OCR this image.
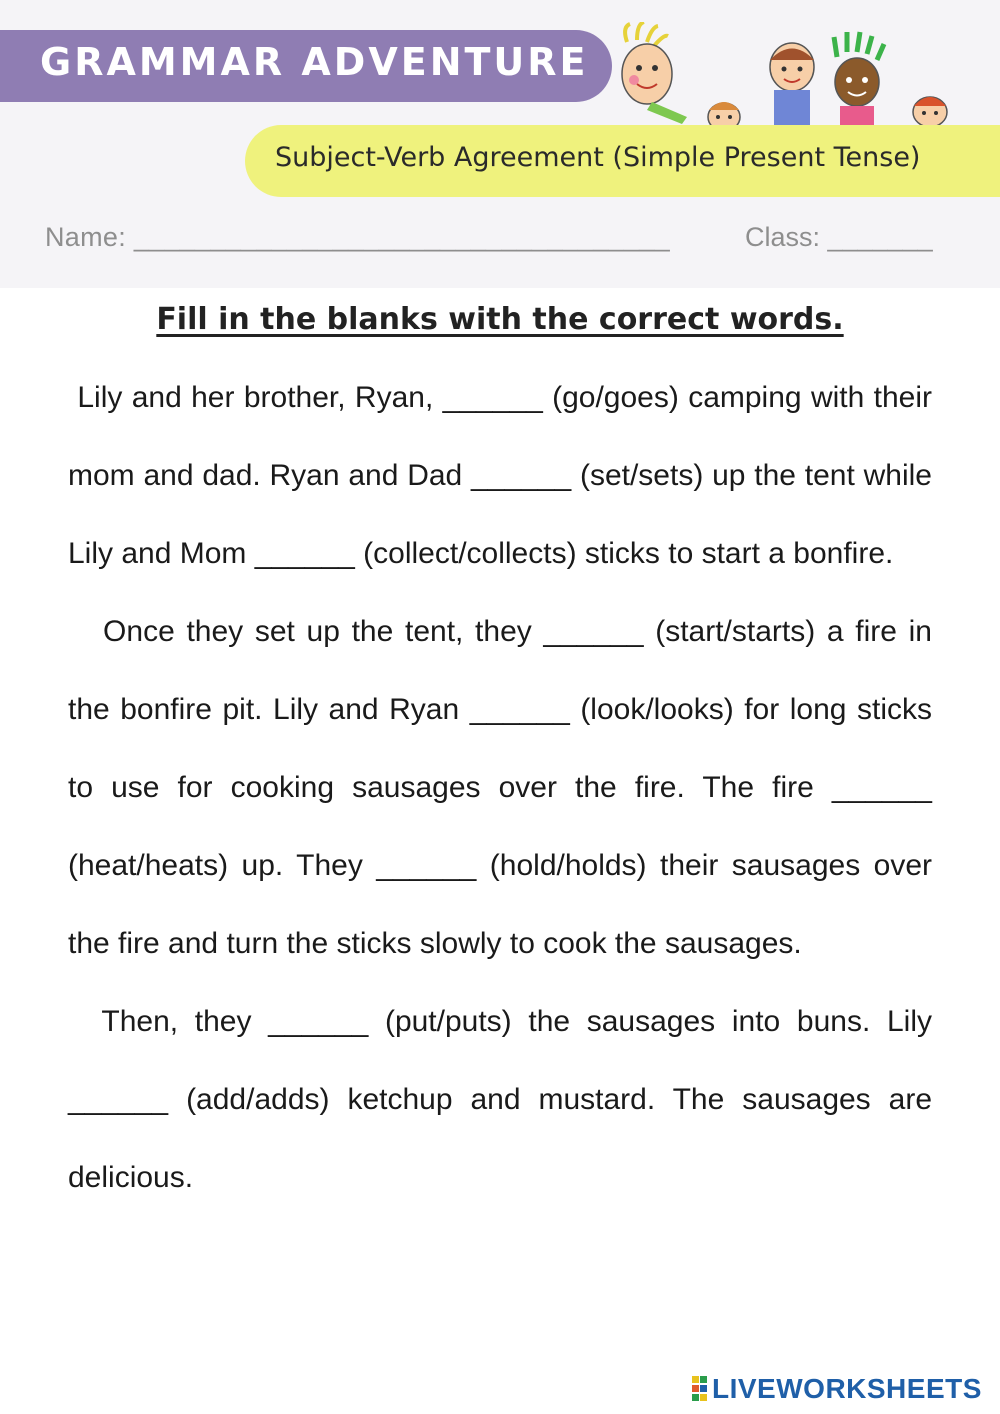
GRAMMAR ADVENTURE
Subject-Verb Agreement (Simple Present Tense)
Name: ___________________________________	Class: _______
Fill in the blanks with the correct words.

Lily and her brother, Ryan, ______ (go/goes) camping with their mom and dad. Ryan and Dad ______ (set/sets) up the tent while Lily and Mom ______ (collect/collects) sticks to start a bonfire.

Once they set up the tent, they ______ (start/starts) a fire in the bonfire pit. Lily and Ryan ______ (look/looks) for long sticks to use for cooking sausages over the fire. The fire ______ (heat/heats) up. They ______ (hold/holds) their sausages over the fire and turn the sticks slowly to cook the sausages.

Then, they ______ (put/puts) the sausages into buns. Lily ______ (add/adds) ketchup and mustard. The sausages are delicious.

LIVEWORKSHEETS
